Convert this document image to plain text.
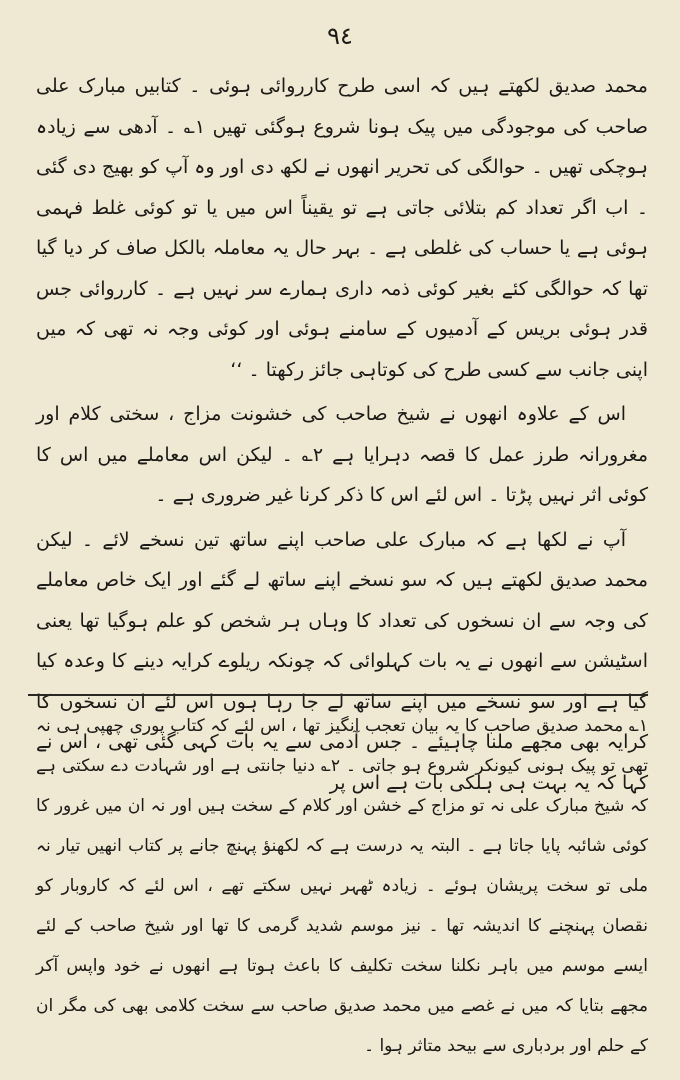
٩٤

محمد صدیق لکھتے ہیں کہ اسی طرح کارروائی ہوئی ۔ کتابیں مبارک علی صاحب کی موجودگی میں پیک ہونا شروع ہوگئی تھیں ۱؎ ۔ آدھی سے زیادہ ہوچکی تھیں ۔ حوالگی کی تحریر انھوں نے لکھ دی اور وہ آپ کو بھیج دی گئی ۔ اب اگر تعداد کم بتلائی جاتی ہے تو یقیناً اس میں یا تو کوئی غلط فہمی ہوئی ہے یا حساب کی غلطی ہے ۔ بہر حال یہ معاملہ بالکل صاف کر دیا گیا تھا کہ حوالگی کئے بغیر کوئی ذمہ داری ہمارے سر نہیں ہے ۔ کارروائی جس قدر ہوئی بریس کے آدمیوں کے سامنے ہوئی اور کوئی وجہ نہ تھی کہ میں اپنی جانب سے کسی طرح کی کوتاہی جائز رکھتا ۔ ‘‘

اس کے علاوہ انھوں نے شیخ صاحب کی خشونت مزاج ، سختی کلام اور مغرورانہ طرز عمل کا قصہ دہرایا ہے ۲؎ ۔ لیکن اس معاملے میں اس کا کوئی اثر نہیں پڑتا ۔ اس لئے اس کا ذکر کرنا غیر ضروری ہے ۔

آپ نے لکھا ہے کہ مبارک علی صاحب اپنے ساتھ تین نسخے لائے ۔ لیکن محمد صدیق لکھتے ہیں کہ سو نسخے اپنے ساتھ لے گئے اور ایک خاص معاملے کی وجہ سے ان نسخوں کی تعداد کا وہاں ہر شخص کو علم ہوگیا تھا یعنی اسٹیشن سے انھوں نے یہ بات کہلوائی کہ چونکہ ریلوے کرایہ دینے کا وعدہ کیا گیا ہے اور سو نسخے میں اپنے ساتھ لے جا رہا ہوں اس لئے ان نسخوں کا کرایہ بھی مجھے ملنا چاہیئے ۔ جس آدمی سے یہ بات کہی گئی تھی ، اس نے کہا کہ یہ بہت ہی ہلکی بات ہے اس پر

۱؎ محمد صدیق صاحب کا یہ بیان تعجب انگیز تھا ، اس لئے کہ کتاب پوری چھپی ہی نہ تھی تو پیک ہونی کیونکر شروع ہو جاتی ۔ ۲؎ دنیا جانتی ہے اور شہادت دے سکتی ہے کہ شیخ مبارک علی نہ تو مزاج کے خشن اور کلام کے سخت ہیں اور نہ ان میں غرور کا کوئی شائبہ پایا جاتا ہے ۔ البتہ یہ درست ہے کہ لکھنؤ پہنچ جانے پر کتاب انھیں تیار نہ ملی تو سخت پریشان ہوئے ۔ زیادہ ٹھہر نہیں سکتے تھے ، اس لئے کہ کاروبار کو نقصان پہنچنے کا اندیشہ تھا ۔ نیز موسم شدید گرمی کا تھا اور شیخ صاحب کے لئے ایسے موسم میں باہر نکلنا سخت تکلیف کا باعث ہوتا ہے انھوں نے خود واپس آکر مجھے بتایا کہ میں نے غصے میں محمد صدیق صاحب سے سخت کلامی بھی کی مگر ان کے حلم اور بردباری سے بیحد متاثر ہوا ۔
